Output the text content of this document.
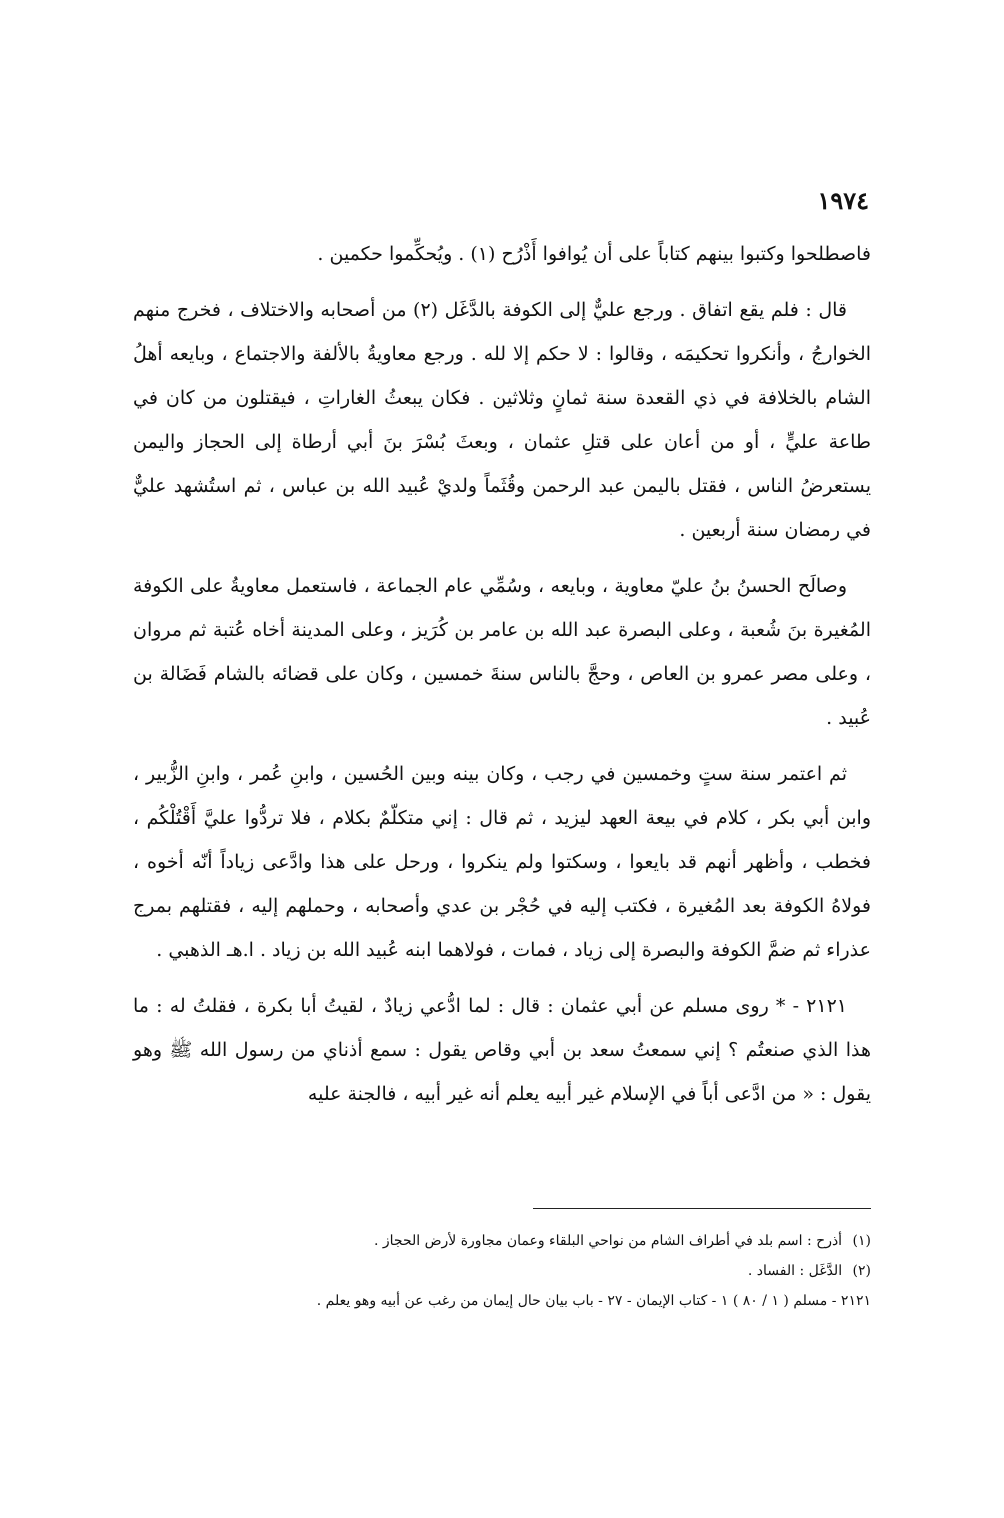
١٩٧٤

فاصطلحوا وكتبوا بينهم كتاباً على أن يُوافوا أَذْرُح (١) . ويُحكِّموا حكمين .

قال : فلم يقع اتفاق . ورجع عليٌّ إلى الكوفة بالدَّغَل (٢) من أصحابه والاختلاف ، فخرج منهم الخوارجُ ، وأنكروا تحكيمَه ، وقالوا : لا حكم إلا لله . ورجع معاويةُ بالألفة والاجتماع ، وبايعه أهلُ الشام بالخلافة في ذي القعدة سنة ثمانٍ وثلاثين . فكان يبعثُ الغاراتِ ، فيقتلون من كان في طاعة عليٍّ ، أو من أعان على قتلِ عثمان ، وبعثَ بُسْرَ بنَ أبي أرطاة إلى الحجاز واليمن يستعرضُ الناس ، فقتل باليمن عبد الرحمن وقُثَماً ولديْ عُبيد الله بن عباس ، ثم استُشهد عليٌّ في رمضان سنة أربعين .

وصالَح الحسنُ بنُ عليّ معاوية ، وبايعه ، وسُمِّي عام الجماعة ، فاستعمل معاويةُ على الكوفة المُغيرة بنَ شُعبة ، وعلى البصرة عبد الله بن عامر بن كُرَيز ، وعلى المدينة أخاه عُتبة ثم مروان ، وعلى مصر عمرو بن العاص ، وحجَّ بالناس سنةَ خمسين ، وكان على قضائه بالشام فَضَالة بن عُبيد .

ثم اعتمر سنة ستٍ وخمسين في رجب ، وكان بينه وبين الحُسين ، وابنِ عُمر ، وابنِ الزُّبير ، وابن أبي بكر ، كلام في بيعة العهد ليزيد ، ثم قال : إني متكلّمٌ بكلام ، فلا تردُّوا عليَّ أَقْتُلْكُم ، فخطب ، وأظهر أنهم قد بايعوا ، وسكتوا ولم ينكروا ، ورحل على هذا وادَّعى زياداً أنّه أخوه ، فولاهُ الكوفة بعد المُغيرة ، فكتب إليه في حُجْر بن عدي وأصحابه ، وحملهم إليه ، فقتلهم بمرج عذراء ثم ضمَّ الكوفة والبصرة إلى زياد ، فمات ، فولاهما ابنه عُبيد الله بن زياد . ا.هـ الذهبي .

٢١٢١ - * روى مسلم عن أبي عثمان : قال : لما ادُّعي زيادٌ ، لقيتُ أبا بكرة ، فقلتُ له : ما هذا الذي صنعتُم ؟ إني سمعتُ سعد بن أبي وقاص يقول : سمع أذناي من رسول الله ﷺ وهو يقول : « من ادَّعى أباً في الإسلام غير أبيه يعلم أنه غير أبيه ، فالجنة عليه

(١) أذرح : اسم بلد في أطراف الشام من نواحي البلقاء وعمان مجاورة لأرض الحجاز .
(٢) الدَّغَل : الفساد .
٢١٢١ - مسلم ( ١ / ٨٠ ) ١ - كتاب الإيمان - ٢٧ - باب بيان حال إيمان من رغب عن أبيه وهو يعلم .
